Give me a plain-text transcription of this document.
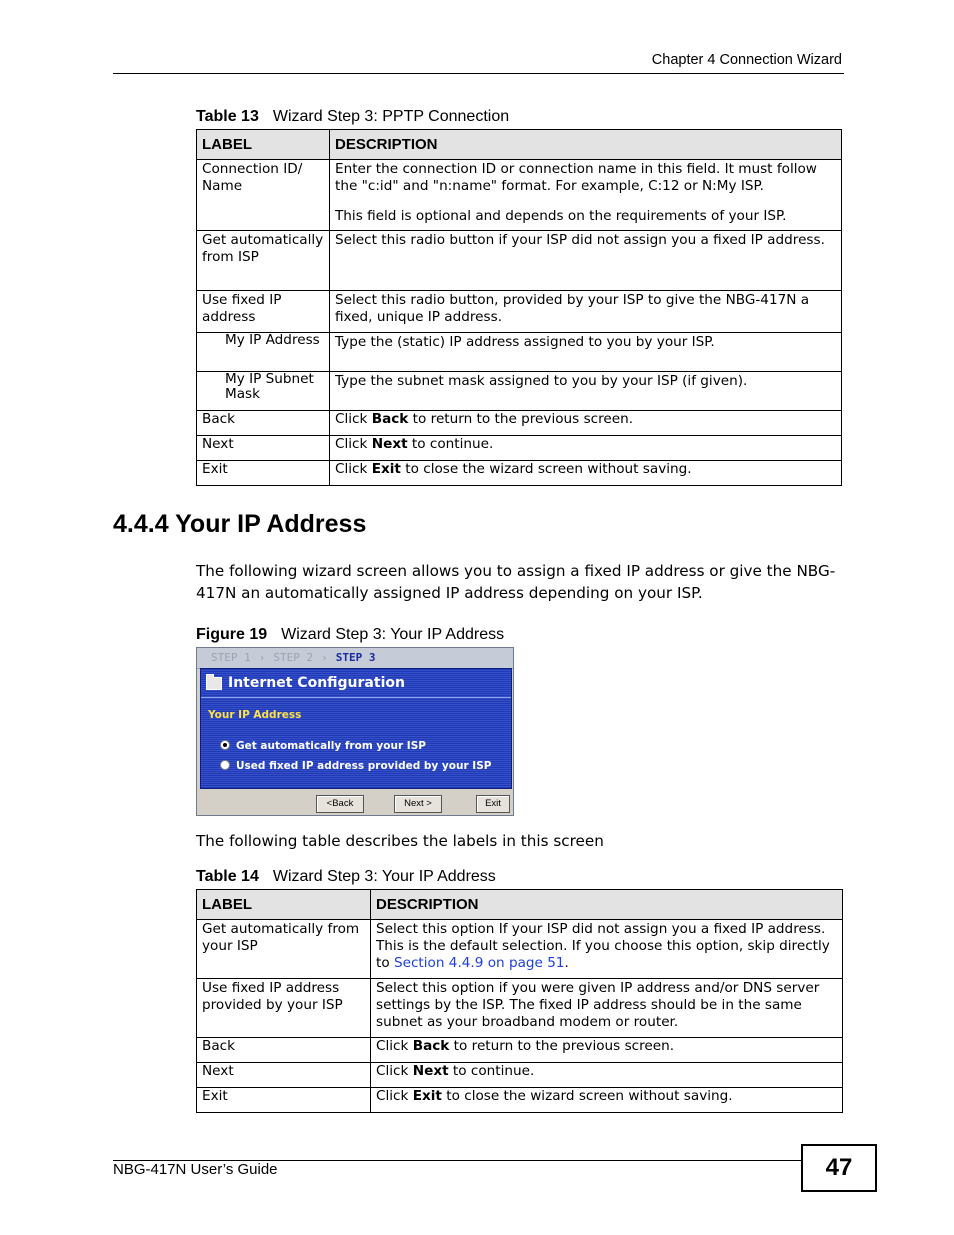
Chapter 4 Connection Wizard
Table 13 Wizard Step 3: PPTP Connection
LABEL	DESCRIPTION
Connection ID/ Name	Enter the connection ID or connection name in this field. It must follow the "c:id" and "n:name" format. For example, C:12 or N:My ISP.
This field is optional and depends on the requirements of your ISP.

Get automatically from ISP	Select this radio button if your ISP did not assign you a fixed IP address.
Use fixed IP address	Select this radio button, provided by your ISP to give the NBG-417N a fixed, unique IP address.
My IP Address	Type the (static) IP address assigned to you by your ISP.
My IP Subnet Mask	Type the subnet mask assigned to you by your ISP (if given).
Back	Click Back to return to the previous screen.
Next	Click Next to continue.
Exit	Click Exit to close the wizard screen without saving.
4.4.4 Your IP Address
The following wizard screen allows you to assign a fixed IP address or give the NBG-417N an automatically assigned IP address depending on your ISP.
Figure 19 Wizard Step 3: Your IP Address
STEP 1 › STEP 2 › STEP 3
Internet Configuration
Your IP Address
Get automatically from your ISP
Used fixed IP address provided by your ISP
<Back	Next >	Exit
The following table describes the labels in this screen
Table 14 Wizard Step 3: Your IP Address
LABEL	DESCRIPTION
Get automatically from your ISP	Select this option If your ISP did not assign you a fixed IP address. This is the default selection. If you choose this option, skip directly to Section 4.4.9 on page 51.
Use fixed IP address provided by your ISP	Select this option if you were given IP address and/or DNS server settings by the ISP. The fixed IP address should be in the same subnet as your broadband modem or router.
Back	Click Back to return to the previous screen.
Next	Click Next to continue.
Exit	Click Exit to close the wizard screen without saving.
NBG-417N User’s Guide	47
